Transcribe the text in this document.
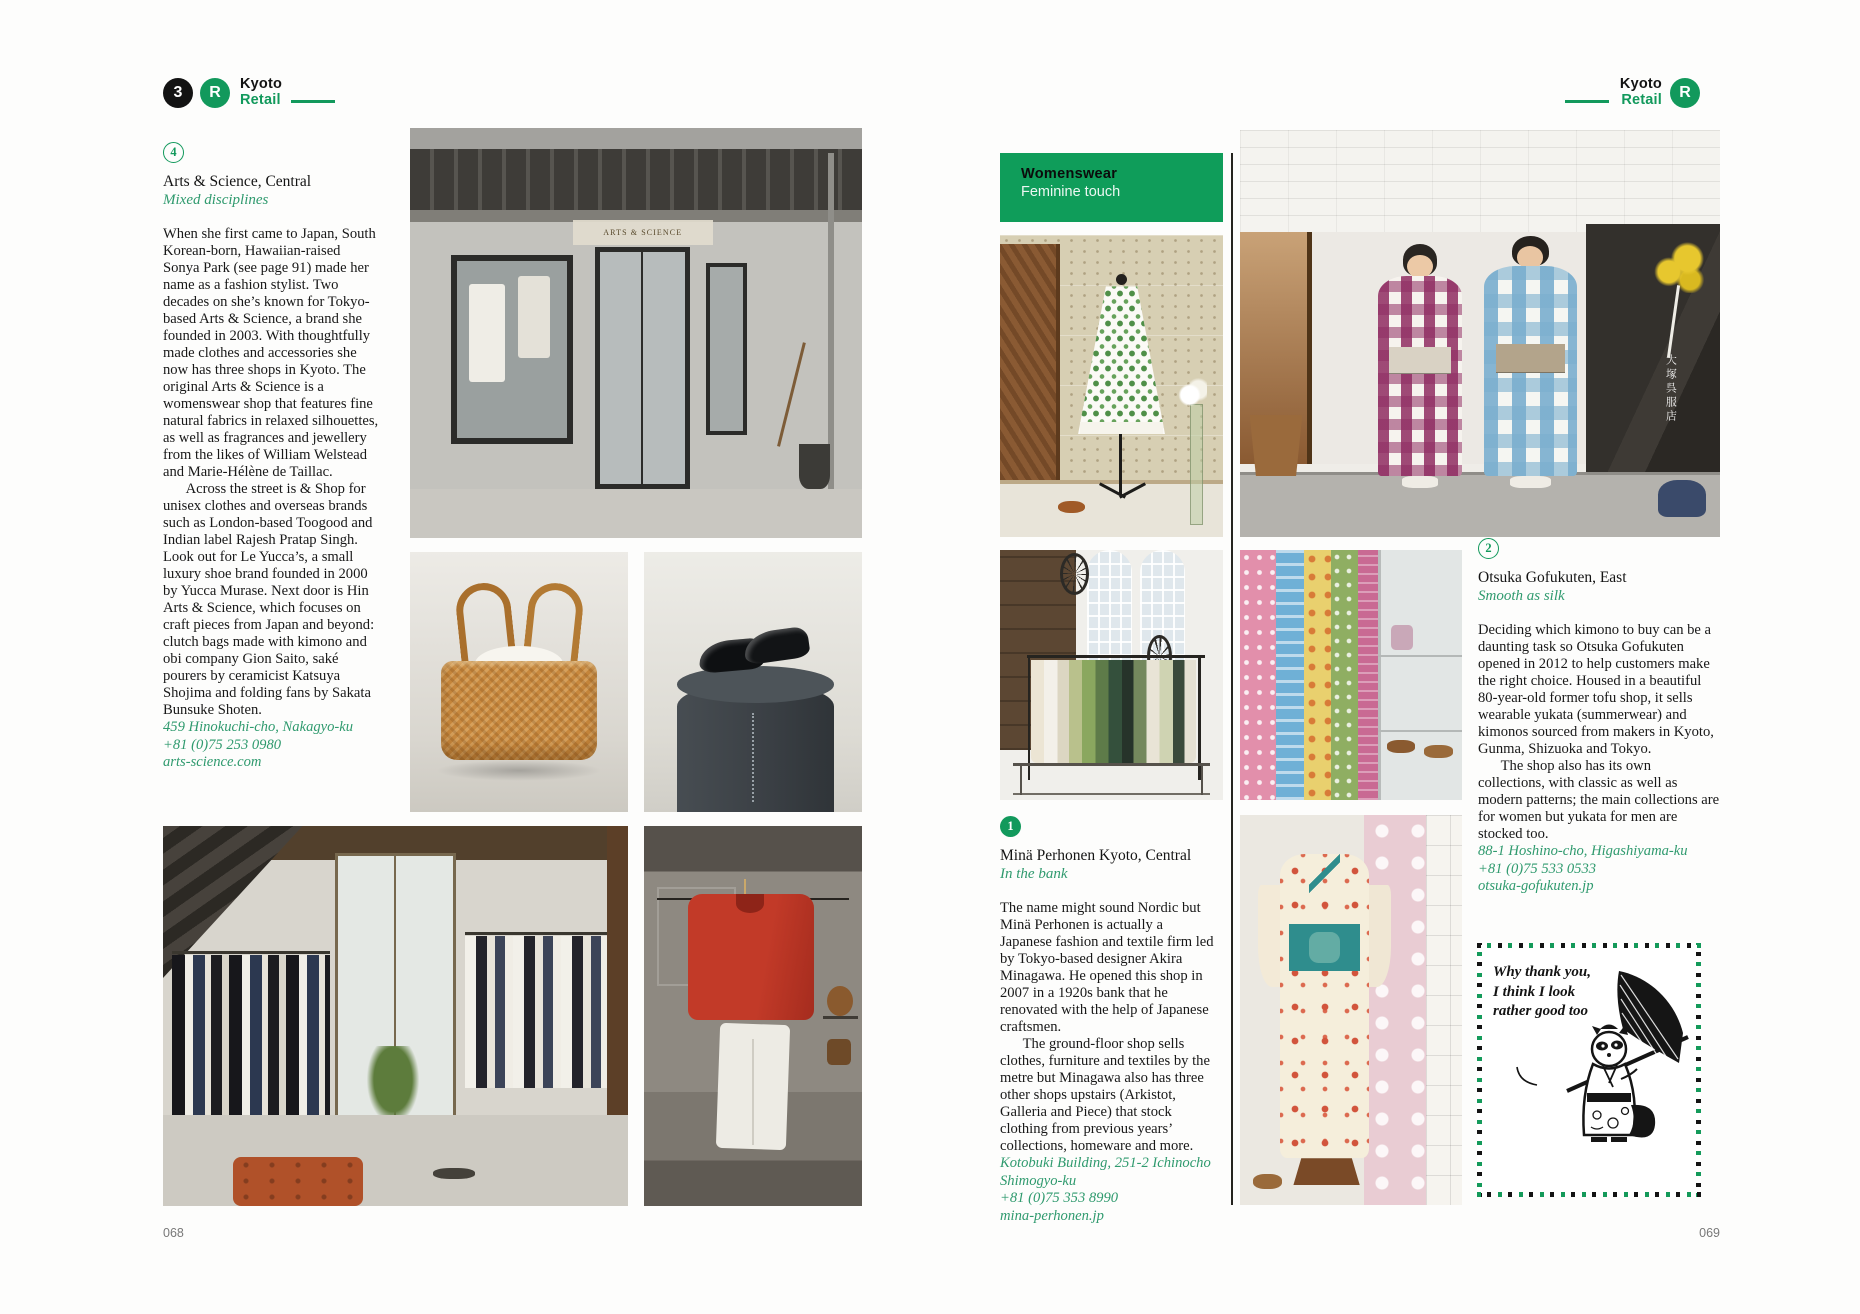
3	R	Kyoto
Retail
4
Arts & Science, Central
Mixed disciplines

When she first came to Japan, South Korean-born, Hawaiian-raised Sonya Park (see page 91) made her name as a fashion stylist. Two decades on she’s known for Tokyo-based Arts & Science, a brand she founded in 2003. With thoughtfully made clothes and accessories she now has three shops in Kyoto. The original Arts & Science is a womenswear shop that features fine natural fabrics in relaxed silhouettes, as well as fragrances and jewellery from the likes of William Welstead and Marie-Hélène de Taillac.

Across the street is & Shop for unisex clothes and overseas brands such as London-based Toogood and Indian label Rajesh Pratap Singh. Look out for Le Yucca’s, a small luxury shoe brand founded in 2000 by Yucca Murase. Next door is Hin Arts & Science, which focuses on craft pieces from Japan and beyond: clutch bags made with kimono and obi company Gion Saito, saké pourers by ceramicist Katsuya Shojima and folding fans by Sakata Bunsuke Shoten.

459 Hinokuchi-cho, Nakagyo-ku
+81 (0)75 253 0980
arts-science.com
ARTS & SCIENCE
068
Kyoto
Retail	R
Womenswear
Feminine touch
1
Minä Perhonen Kyoto, Central
In the bank

The name might sound Nordic but Minä Perhonen is actually a Japanese fashion and textile firm led by Tokyo-based designer Akira Minagawa. He opened this shop in 2007 in a 1920s bank that he renovated with the help of Japanese craftsmen.

The ground-floor shop sells clothes, furniture and textiles by the metre but Minagawa also has three other shops upstairs (Arkistot, Galleria and Piece) that stock clothing from previous years’ collections, homeware and more.

Kotobuki Building, 251-2 Ichinocho
Shimogyo-ku
+81 (0)75 353 8990
mina-perhonen.jp
大塚呉服店
2
Otsuka Gofukuten, East
Smooth as silk

Deciding which kimono to buy can be a daunting task so Otsuka Gofukuten opened in 2012 to help customers make the right choice. Housed in a beautiful 80-year-old former tofu shop, it sells wearable yukata (summerwear) and kimonos sourced from makers in Kyoto, Gunma, Shizuoka and Tokyo.

The shop also has its own collections, with classic as well as modern patterns; the main collections are for women but yukata for men are stocked too.

88-1 Hoshino-cho, Higashiyama-ku
+81 (0)75 533 0533
otsuka-gofukuten.jp
Why thank you, I think I look rather good too
069
